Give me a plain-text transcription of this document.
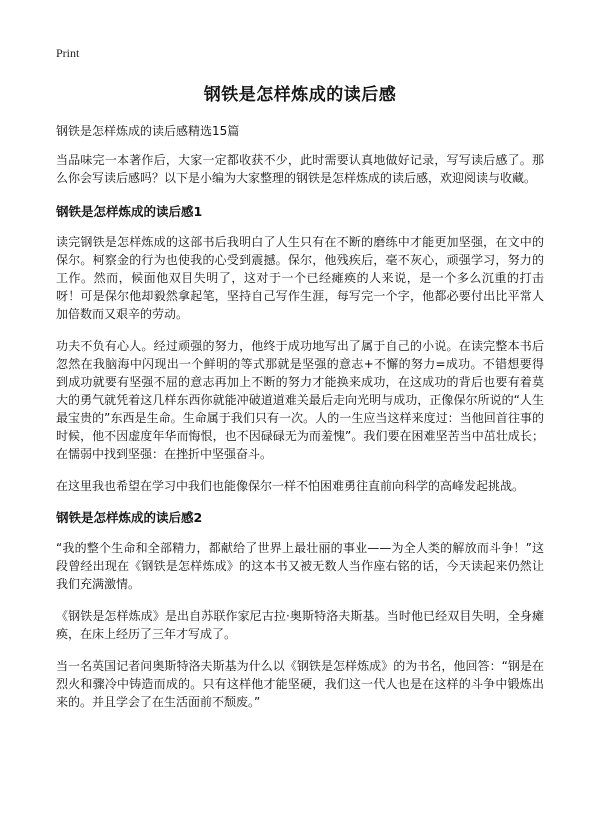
Print
钢铁是怎样炼成的读后感
钢铁是怎样炼成的读后感精选15篇

当品味完一本著作后，大家一定都收获不少，此时需要认真地做好记录，写写读后感了。那么你会写读后感吗？以下是小编为大家整理的钢铁是怎样炼成的读后感，欢迎阅读与收藏。

钢铁是怎样炼成的读后感1

读完钢铁是怎样炼成的这部书后我明白了人生只有在不断的磨练中才能更加坚强，在文中的保尔。柯察金的行为也使我的心受到震撼。保尔，他残疾后，毫不灰心，顽强学习，努力的工作。然而，候面他双目失明了，这对于一个已经瘫痪的人来说，是一个多么沉重的打击呀！可是保尔他却毅然拿起笔，坚持自己写作生涯，每写完一个字，他都必要付出比平常人加倍数而又艰辛的劳动。

功夫不负有心人。经过顽强的努力，他终于成功地写出了属于自己的小说。在读完整本书后忽然在我脑海中闪现出一个鲜明的等式那就是坚强的意志+不懈的努力=成功。不错想要得到成功就要有坚强不屈的意志再加上不断的努力才能换来成功，在这成功的背后也要有着莫大的勇气就凭着这几样东西你就能冲破道道难关最后走向光明与成功，正像保尔所说的“人生最宝贵的”东西是生命。生命属于我们只有一次。人的一生应当这样来度过：当他回首往事的时候，他不因虚度年华而悔恨，也不因碌碌无为而羞愧”。我们要在困难坚苦当中茁壮成长；在懦弱中找到坚强：在挫折中坚强奋斗。

在这里我也希望在学习中我们也能像保尔一样不怕困难勇往直前向科学的高峰发起挑战。

钢铁是怎样炼成的读后感2

“我的整个生命和全部精力，都献给了世界上最壮丽的事业——为全人类的解放而斗争！”这段曾经出现在《钢铁是怎样炼成》的这本书又被无数人当作座右铭的话，今天读起来仍然让我们充满激情。

《钢铁是怎样炼成》是出自苏联作家尼古拉·奥斯特洛夫斯基。当时他已经双目失明，全身瘫痪，在床上经历了三年才写成了。

当一名英国记者问奥斯特洛夫斯基为什么以《钢铁是怎样炼成》的为书名，他回答：“钢是在烈火和骤冷中铸造而成的。只有这样他才能坚硬，我们这一代人也是在这样的斗争中锻炼出来的。并且学会了在生活面前不颓废。”
